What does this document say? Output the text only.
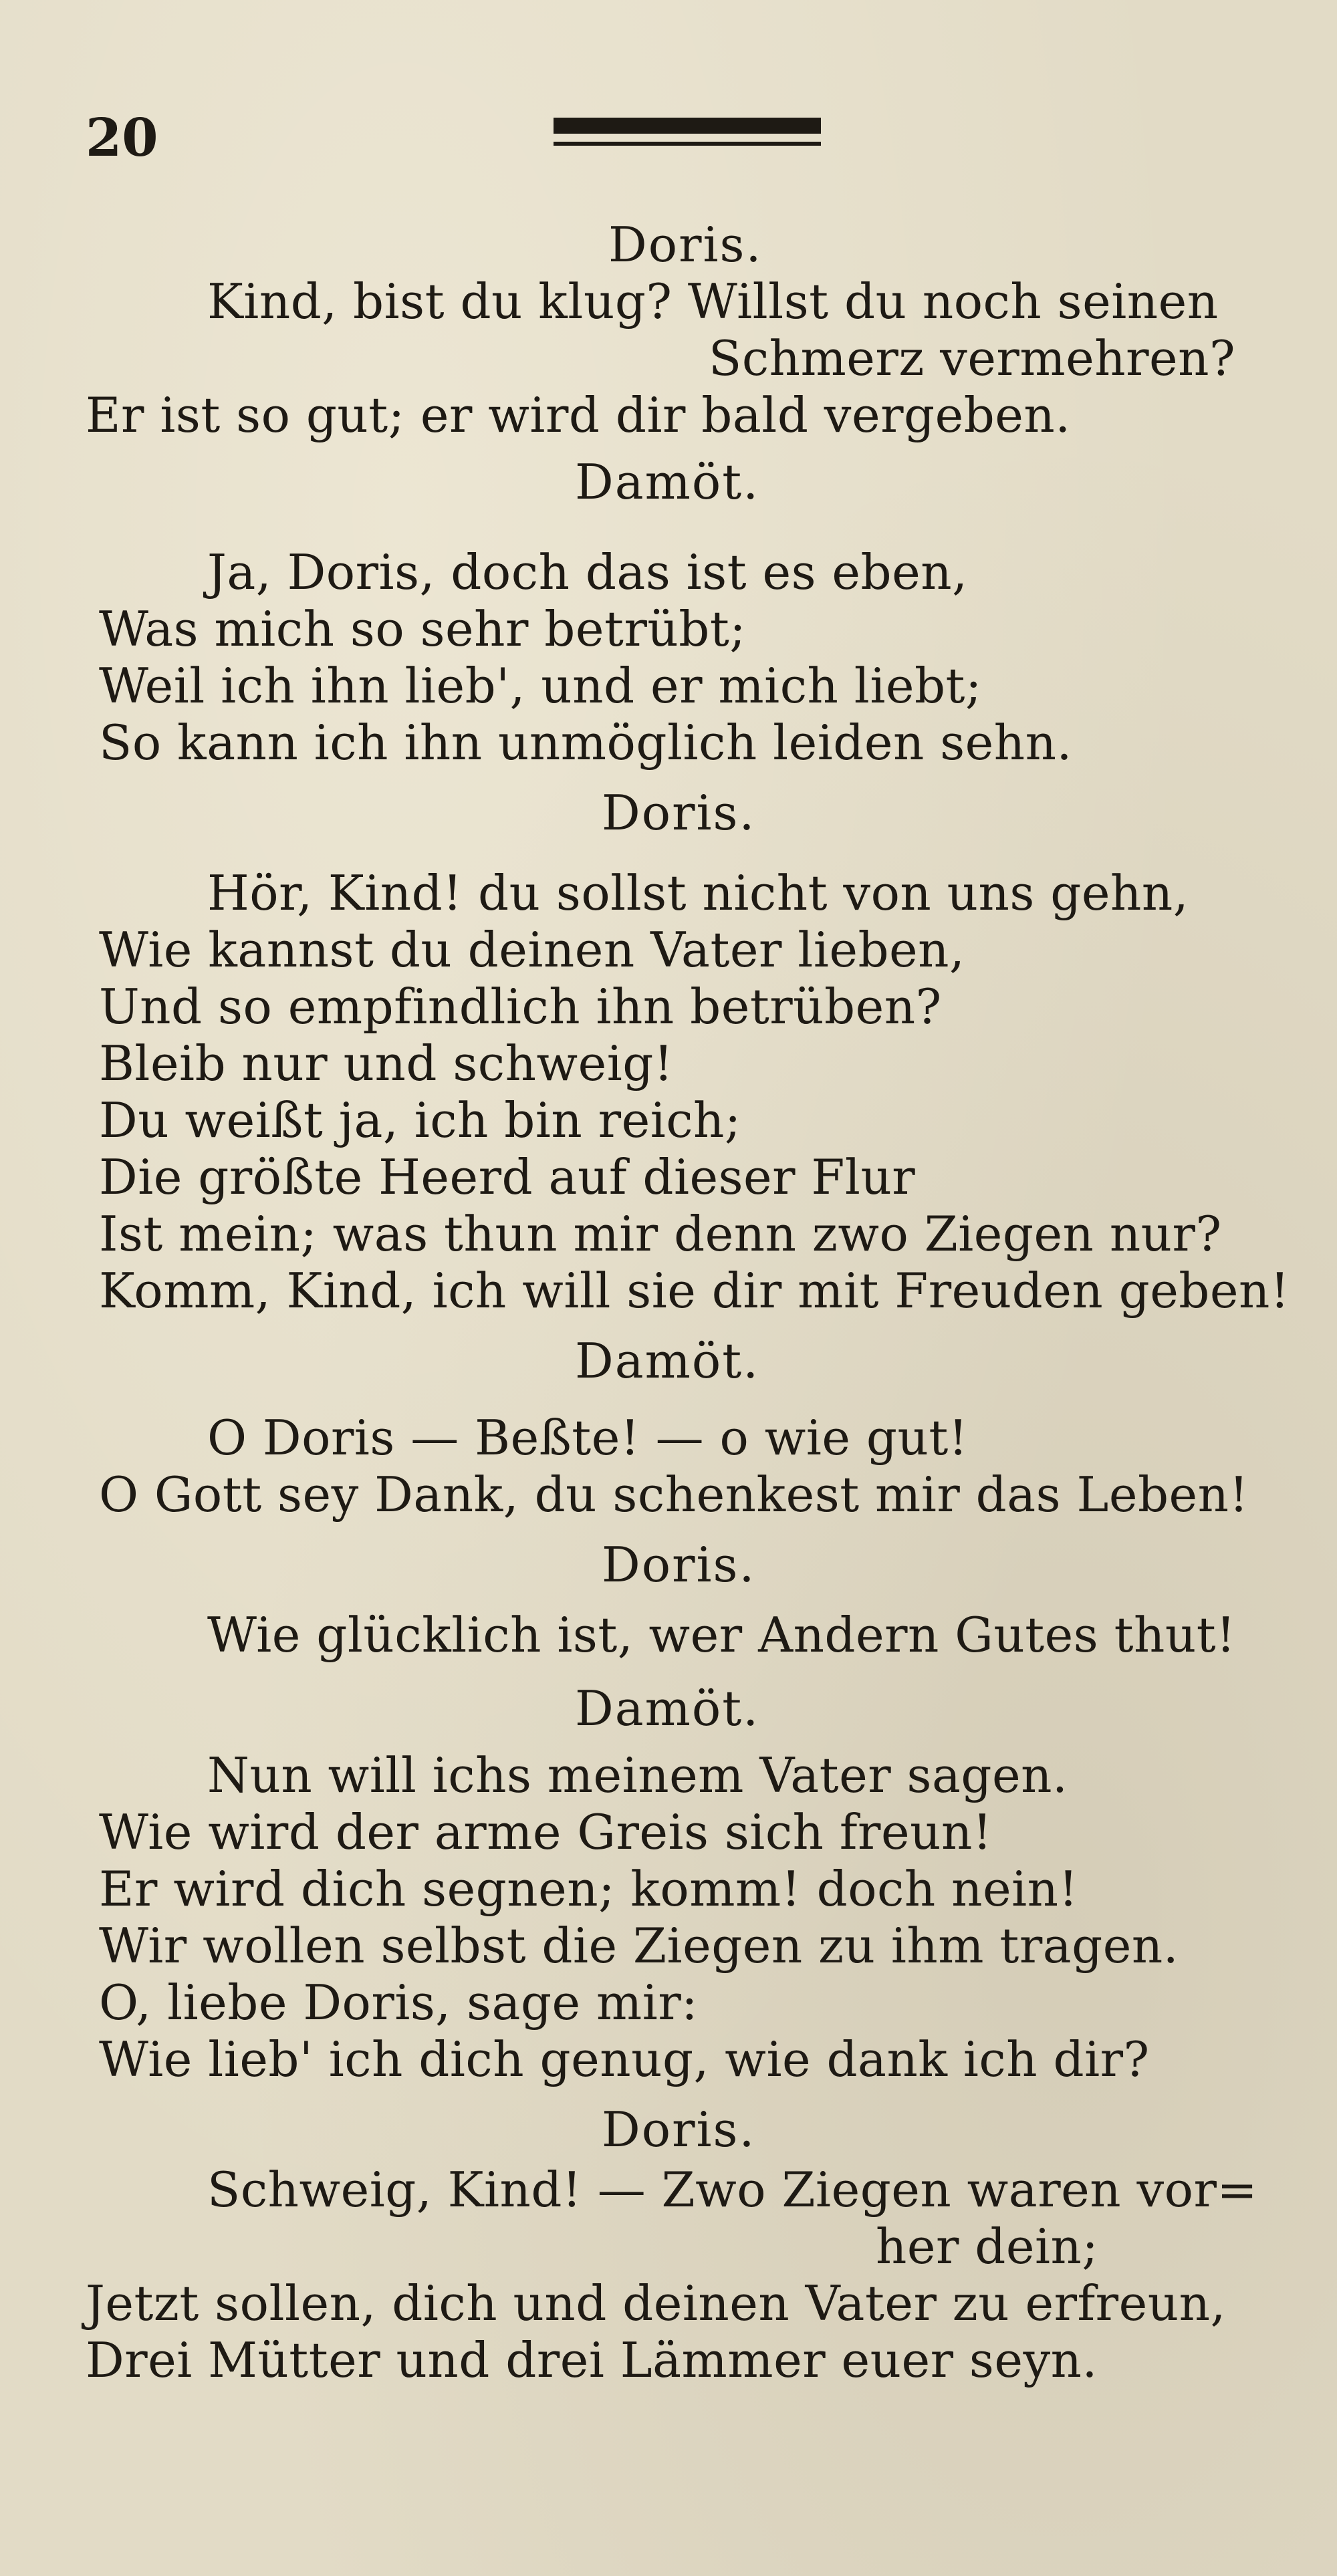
20
Doris.
Kind, bist du klug? Willst du noch seinen
Schmerz vermehren?
Er ist so gut; er wird dir bald vergeben.
Damöt.
Ja, Doris, doch das ist es eben,
Was mich so sehr betrübt;
Weil ich ihn lieb', und er mich liebt;
So kann ich ihn unmöglich leiden sehn.
Doris.
Hör, Kind! du sollst nicht von uns gehn,
Wie kannst du deinen Vater lieben,
Und so empfindlich ihn betrüben?
Bleib nur und schweig!
Du weißt ja, ich bin reich;
Die größte Heerd auf dieser Flur
Ist mein; was thun mir denn zwo Ziegen nur?
Komm, Kind, ich will sie dir mit Freuden geben!
Damöt.
O Doris — Beßte! — o wie gut!
O Gott sey Dank, du schenkest mir das Leben!
Doris.
Wie glücklich ist, wer Andern Gutes thut!
Damöt.
Nun will ichs meinem Vater sagen.
Wie wird der arme Greis sich freun!
Er wird dich segnen; komm! doch nein!
Wir wollen selbst die Ziegen zu ihm tragen.
O, liebe Doris, sage mir:
Wie lieb' ich dich genug, wie dank ich dir?
Doris.
Schweig, Kind! — Zwo Ziegen waren vor=
her dein;
Jetzt sollen, dich und deinen Vater zu erfreun,
Drei Mütter und drei Lämmer euer seyn.
